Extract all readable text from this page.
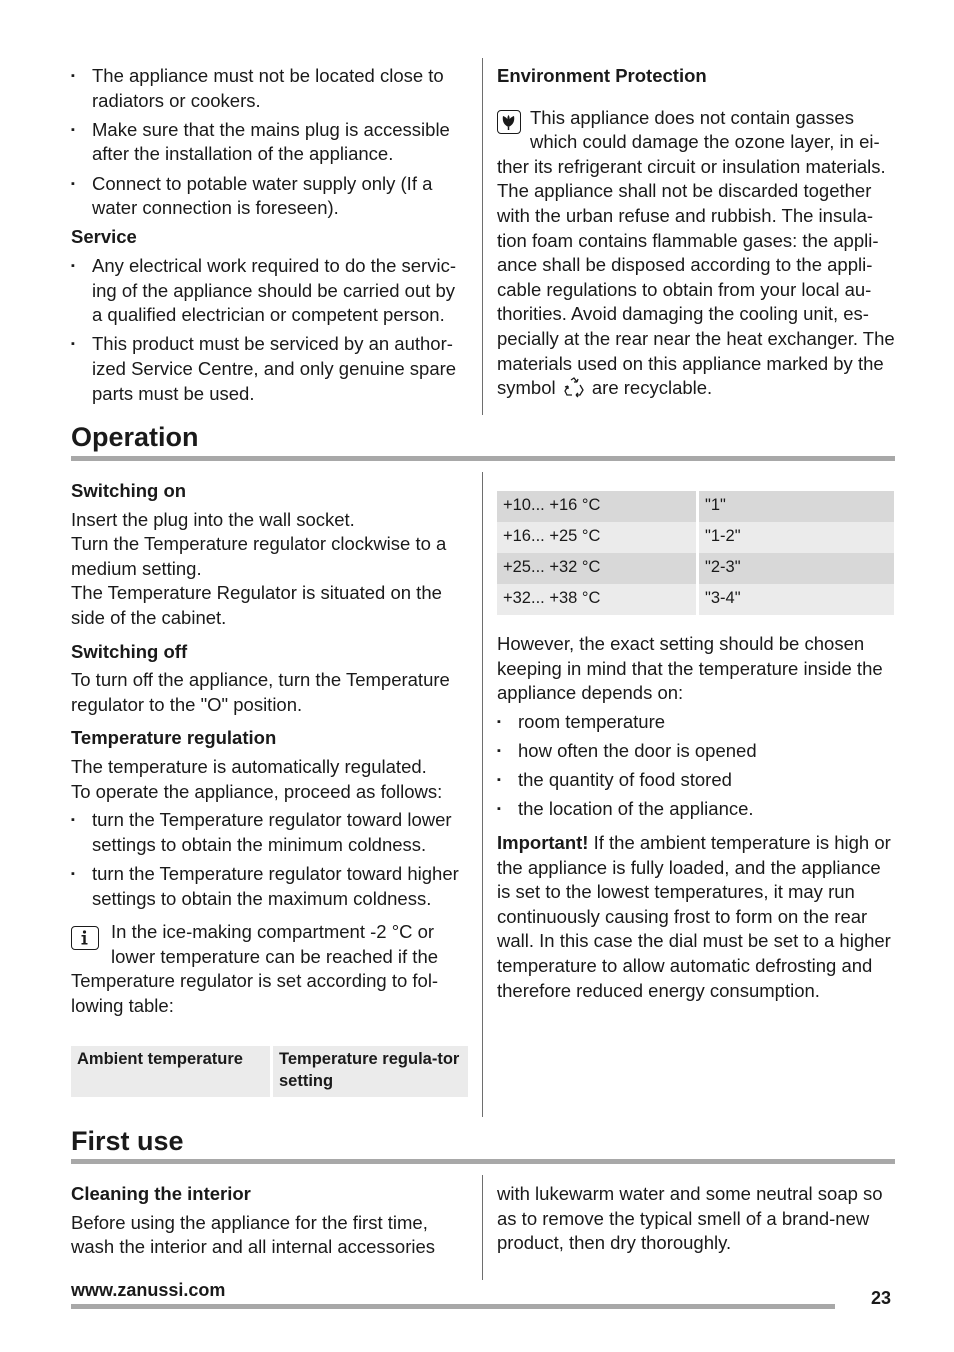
▪ The appliance must not be located close to radiators or cookers.
▪ Make sure that the mains plug is accessible after the installation of the appliance.
▪ Connect to potable water supply only (If a water connection is foreseen).
Service
▪ Any electrical work required to do the servic-ing of the appliance should be carried out by a qualified electrician or competent person.
▪ This product must be serviced by an author-ized Service Centre, and only genuine spare parts must be used.
Environment Protection

This appliance does not contain gasses which could damage the ozone layer, in ei-ther its refrigerant circuit or insulation materials. The appliance shall not be discarded together with the urban refuse and rubbish. The insula-tion foam contains flammable gases: the appli-ance shall be disposed according to the appli-cable regulations to obtain from your local au-thorities. Avoid damaging the cooling unit, es-pecially at the rear near the heat exchanger. The materials used on this appliance marked by the symbol are recyclable.

Operation
Switching on

Insert the plug into the wall socket.

Turn the Temperature regulator clockwise to a medium setting.

The Temperature Regulator is situated on the side of the cabinet.

Switching off

To turn off the appliance, turn the Temperature regulator to the "O" position.

Temperature regulation

The temperature is automatically regulated.

To operate the appliance, proceed as follows:

▪ turn the Temperature regulator toward lower settings to obtain the minimum coldness.
▪ turn the Temperature regulator toward higher settings to obtain the maximum coldness.

In the ice-making compartment -2 °C or lower temperature can be reached if the Temperature regulator is set according to fol-lowing table:

Ambient temperature	Temperature regula-tor setting
+10... +16 °C	"1"
+16... +25 °C	"1-2"
+25... +32 °C	"2-3"
+32... +38 °C	"3-4"

However, the exact setting should be chosen keeping in mind that the temperature inside the appliance depends on:

▪ room temperature
▪ how often the door is opened
▪ the quantity of food stored
▪ the location of the appliance.

Important! If the ambient temperature is high or the appliance is fully loaded, and the appliance is set to the lowest temperatures, it may run continuously causing frost to form on the rear wall. In this case the dial must be set to a higher temperature to allow automatic defrosting and therefore reduced energy consumption.

First use
Cleaning the interior

Before using the appliance for the first time, wash the interior and all internal accessories

with lukewarm water and some neutral soap so as to remove the typical smell of a brand-new product, then dry thoroughly.

www.zanussi.com	23
